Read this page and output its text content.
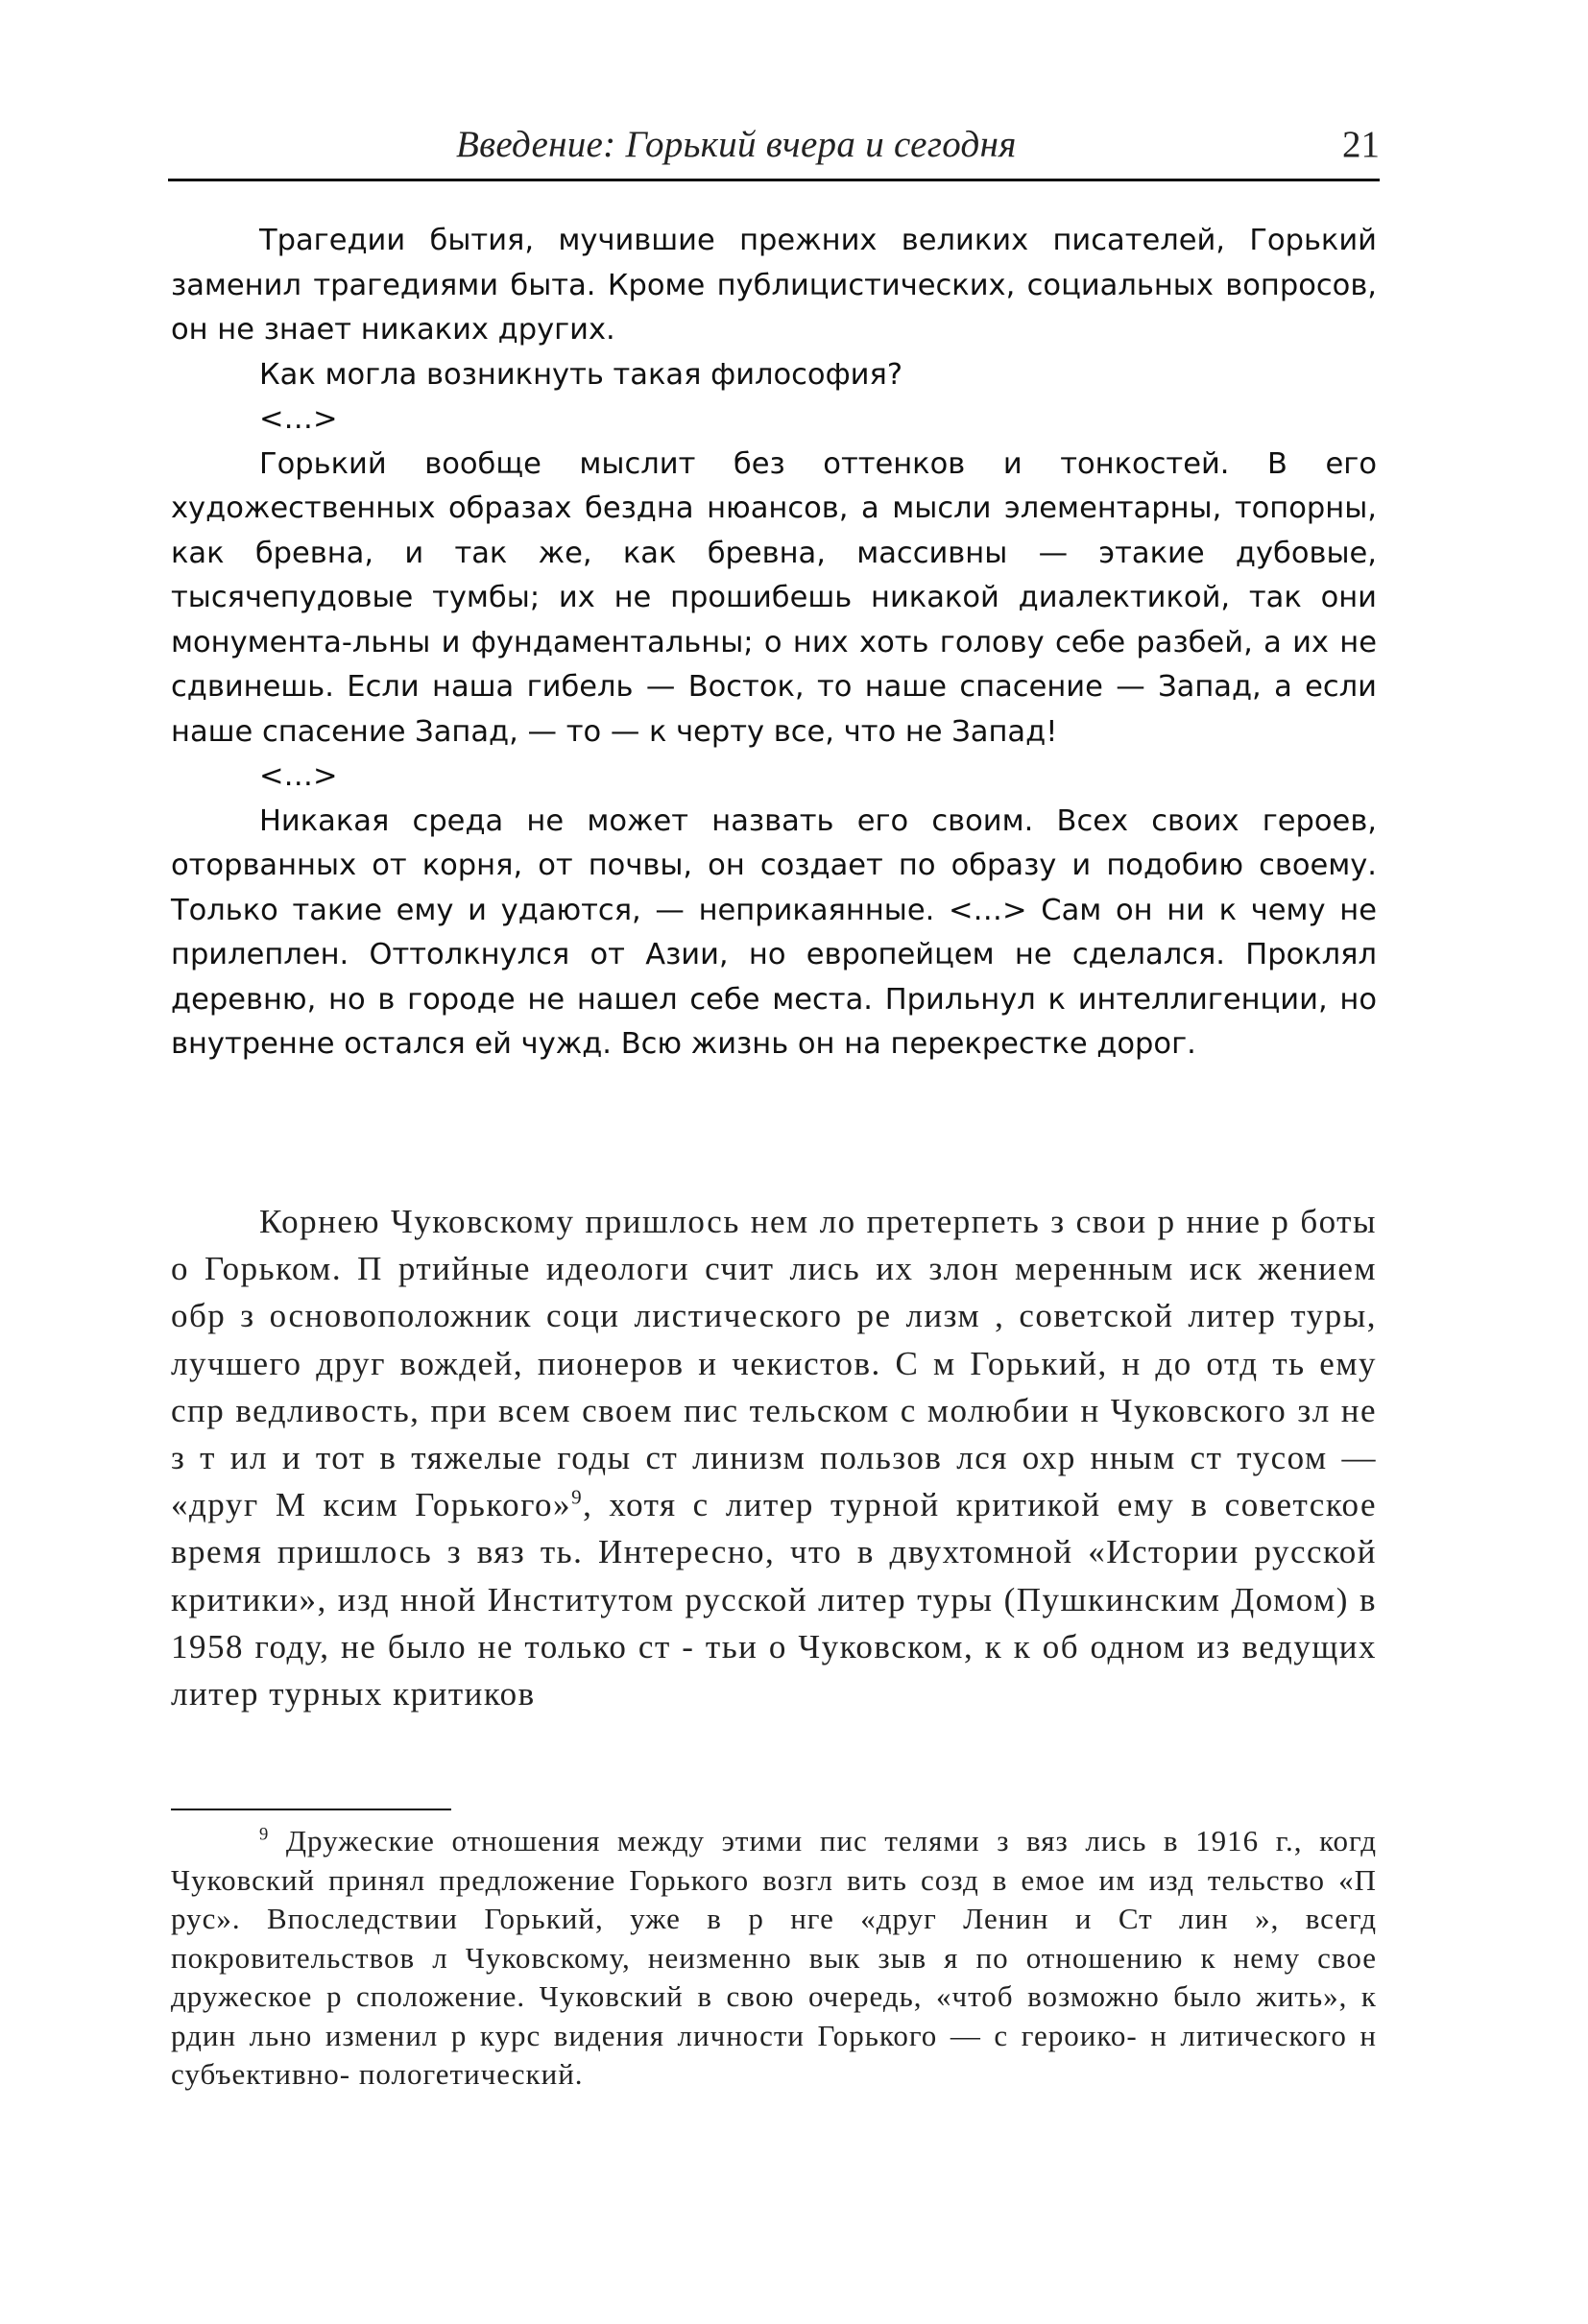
Введение: Горький вчера и сегодня	21

Трагедии бытия, мучившие прежних великих писателей, Горький заменил трагедиями быта. Кроме публицистических, социальных вопросов, он не знает никаких других.

Как могла возникнуть такая философия?

<…>

Горький вообще мыслит без оттенков и тонкостей. В его художественных образах бездна нюансов, а мысли элементарны, топорны, как бревна, и так же, как бревна, массивны — этакие дубовые, тысячепудовые тумбы; их не прошибешь никакой диалектикой, так они монумента-льны и фундаментальны; о них хоть голову себе разбей, а их не сдвинешь. Если наша гибель — Восток, то наше спасение — Запад, а если наше спасение Запад, — то — к черту все, что не Запад!

<…>

Никакая среда не может назвать его своим. Всех своих героев, оторванных от корня, от почвы, он создает по образу и подобию своему. Только такие ему и удаются, — неприкаянные. <…> Сам он ни к чему не прилеплен. Оттолкнулся от Азии, но европейцем не сделался. Проклял деревню, но в городе не нашел себе места. Прильнул к интеллигенции, но внутренне остался ей чужд. Всю жизнь он на перекрестке дорог.

Корнею Чуковскому пришлось нем ло претерпеть з свои р нние р боты о Горьком. П ртийные идеологи счит лись их злон меренным иск жением обр з основоположник соци листического ре лизм , советской литер туры, лучшего друг вождей, пионеров и чекистов. С м Горький, н до отд ть ему спр ведливость, при всем своем пис тельском с молюбии н Чуковского зл не з т ил и тот в тяжелые годы ст линизм пользов лся охр нным ст тусом — «друг М ксим Горького»$^9$, хотя с литер турной критикой ему в советское время пришлось з вяз ть. Интересно, что в двухтомной «Истории русской критики», изд нной Институтом русской литер туры (Пушкинским Домом) в 1958 году, не было не только ст - тьи о Чуковском, к к об одном из ведущих литер турных критиков

$^9$ Дружеские отношения между этими пис телями з вяз лись в 1916 г., когд Чуковский принял предложение Горького возгл вить созд в емое им изд тельство «П рус». Впоследствии Горький, уже в р нге «друг Ленин и Ст лин », всегд покровительствов л Чуковскому, неизменно вык зыв я по отношению к нему свое дружеское р сположение. Чуковский в свою очередь, «чтоб возможно было жить», к рдин льно изменил р курс видения личности Горького — с героико- н литического н субъективно- пологетический.
